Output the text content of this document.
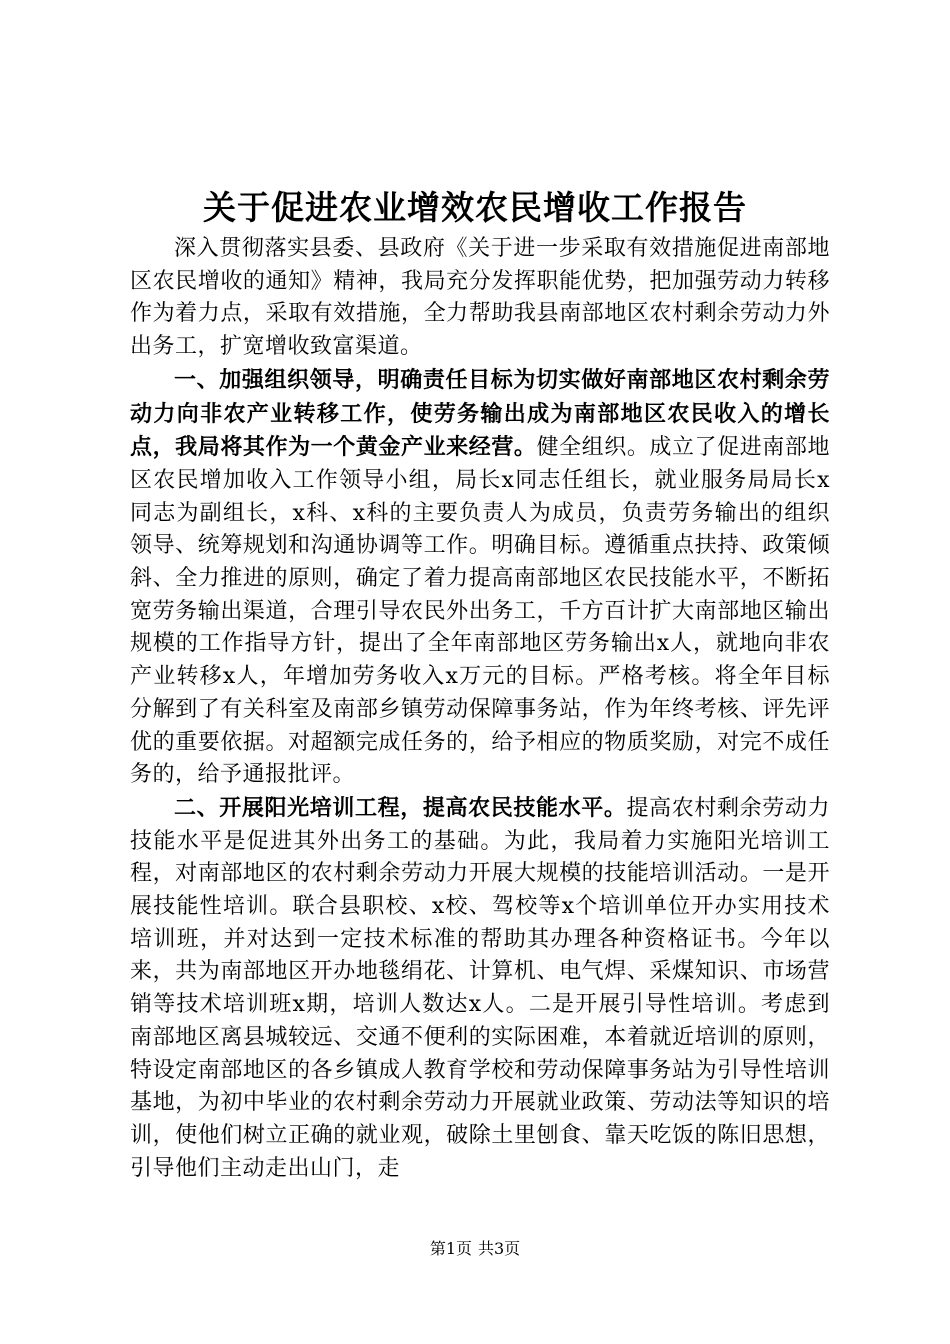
关于促进农业增效农民增收工作报告

深入贯彻落实县委、县政府《关于进一步采取有效措施促进南部地区农民增收的通知》精神，我局充分发挥职能优势，把加强劳动力转移作为着力点，采取有效措施，全力帮助我县南部地区农村剩余劳动力外出务工，扩宽增收致富渠道。

一、加强组织领导，明确责任目标为切实做好南部地区农村剩余劳动力向非农产业转移工作，使劳务输出成为南部地区农民收入的增长点，我局将其作为一个黄金产业来经营。健全组织。成立了促进南部地区农民增加收入工作领导小组，局长x同志任组长，就业服务局局长x同志为副组长，x科、x科的主要负责人为成员，负责劳务输出的组织领导、统筹规划和沟通协调等工作。明确目标。遵循重点扶持、政策倾斜、全力推进的原则，确定了着力提高南部地区农民技能水平，不断拓宽劳务输出渠道，合理引导农民外出务工，千方百计扩大南部地区输出规模的工作指导方针，提出了全年南部地区劳务输出x人，就地向非农产业转移x人，年增加劳务收入x万元的目标。严格考核。将全年目标分解到了有关科室及南部乡镇劳动保障事务站，作为年终考核、评先评优的重要依据。对超额完成任务的，给予相应的物质奖励，对完不成任务的，给予通报批评。

二、开展阳光培训工程，提高农民技能水平。提高农村剩余劳动力技能水平是促进其外出务工的基础。为此，我局着力实施阳光培训工程，对南部地区的农村剩余劳动力开展大规模的技能培训活动。一是开展技能性培训。联合县职校、x校、驾校等x个培训单位开办实用技术培训班，并对达到一定技术标准的帮助其办理各种资格证书。今年以来，共为南部地区开办地毯绢花、计算机、电气焊、采煤知识、市场营销等技术培训班x期，培训人数达x人。二是开展引导性培训。考虑到南部地区离县城较远、交通不便利的实际困难，本着就近培训的原则，特设定南部地区的各乡镇成人教育学校和劳动保障事务站为引导性培训基地，为初中毕业的农村剩余劳动力开展就业政策、劳动法等知识的培训，使他们树立正确的就业观，破除土里刨食、靠天吃饭的陈旧思想，引导他们主动走出山门，走

第1页 共3页
